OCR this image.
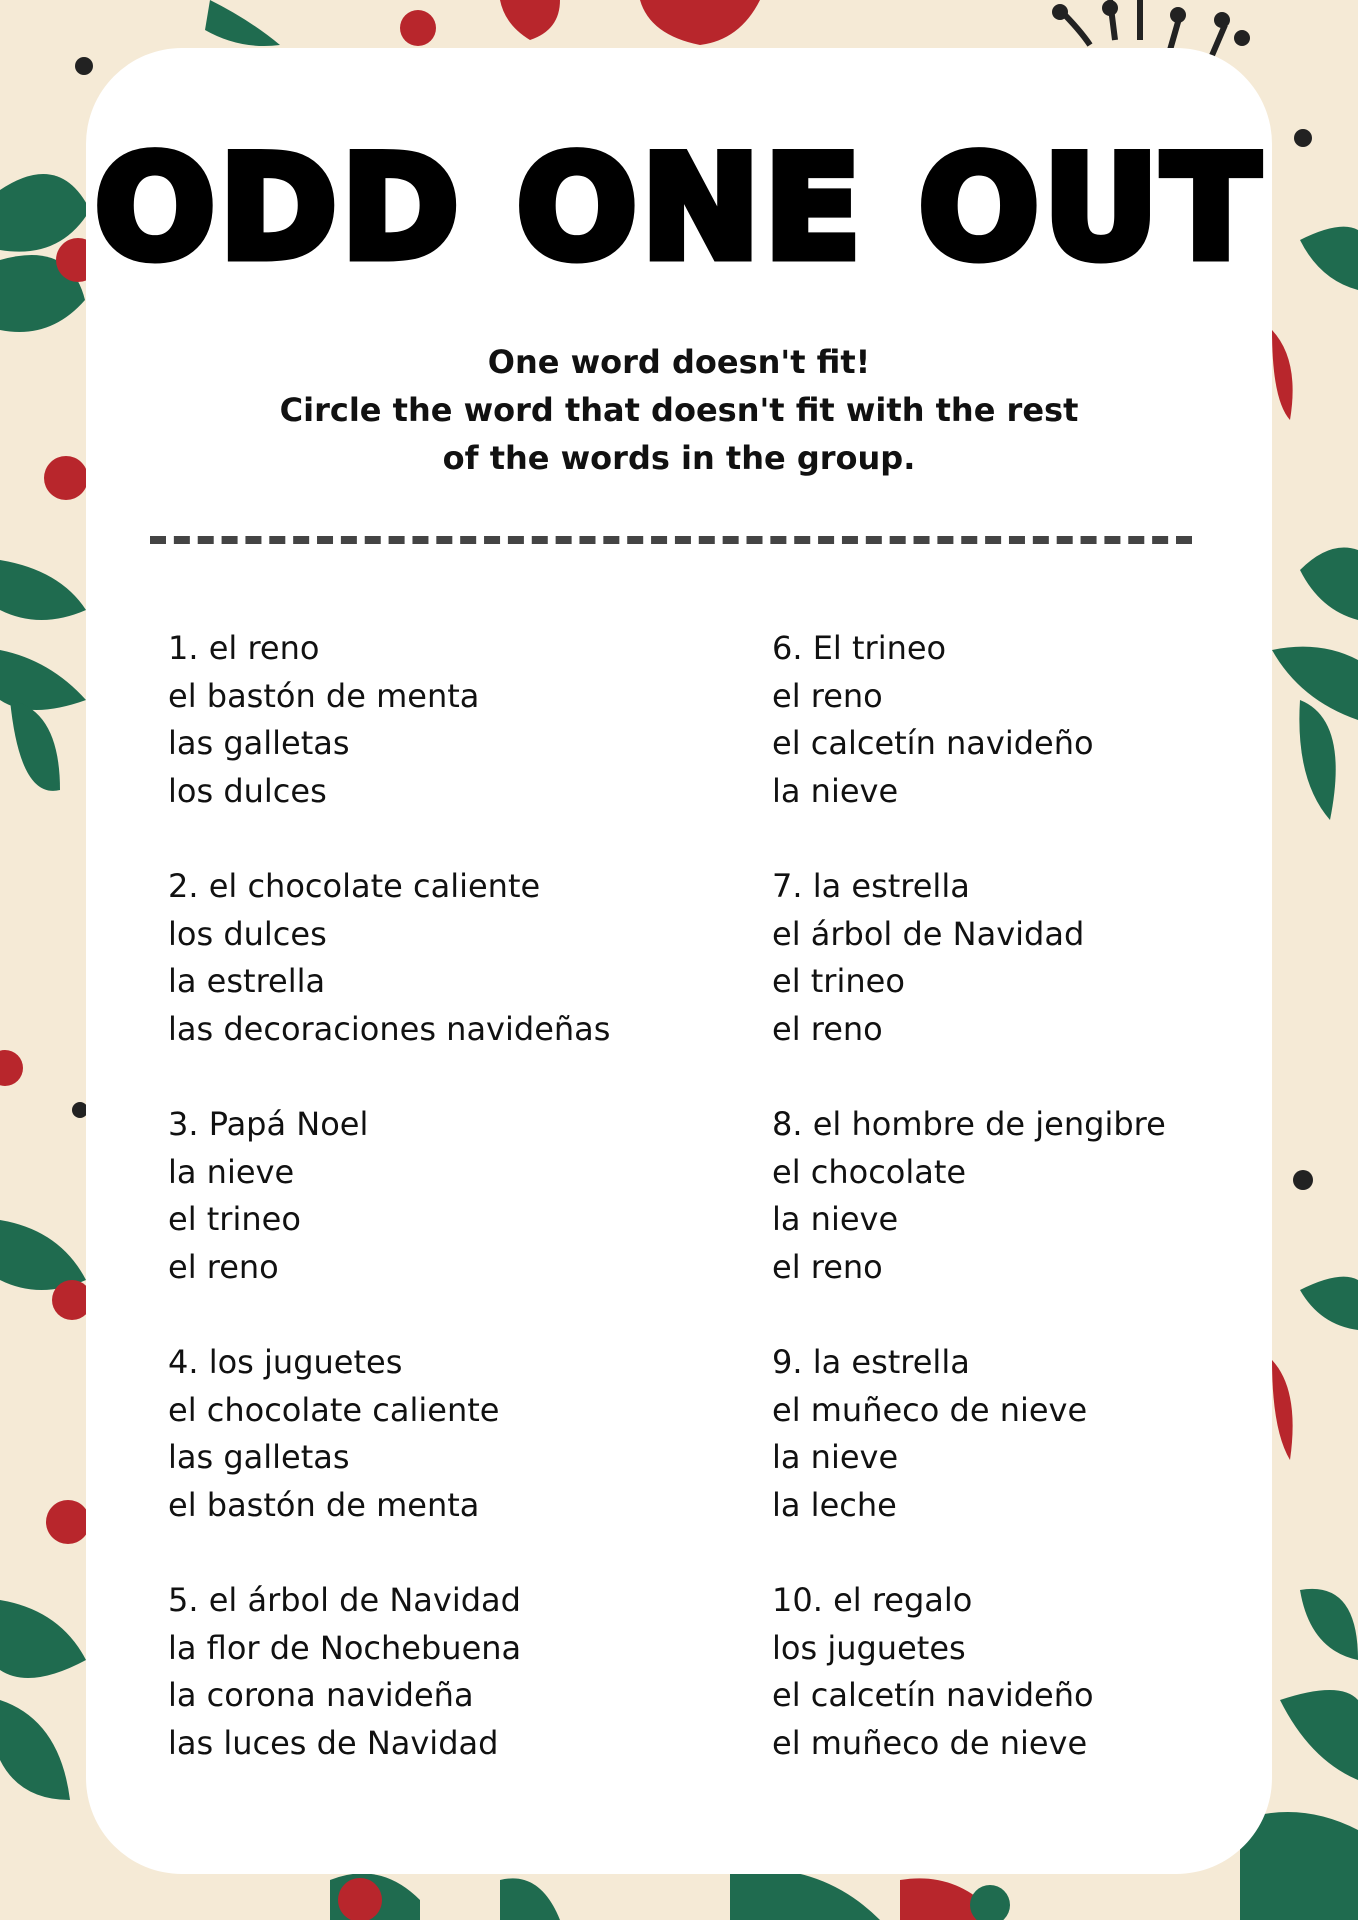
ODD ONE OUT
One word doesn't fit!
Circle the word that doesn't fit with the rest
of the words in the group.
1. el reno
el bastón de menta
las galletas
los dulces
2. el chocolate caliente
los dulces
la estrella
las decoraciones navideñas
3. Papá Noel
la nieve
el trineo
el reno
4. los juguetes
el chocolate caliente
las galletas
el bastón de menta
5. el árbol de Navidad
la flor de Nochebuena
la corona navideña
las luces de Navidad
6. El trineo
el reno
el calcetín navideño
la nieve
7. la estrella
el árbol de Navidad
el trineo
el reno
8. el hombre de jengibre
el chocolate
la nieve
el reno
9. la estrella
el muñeco de nieve
la nieve
la leche
10. el regalo
los juguetes
el calcetín navideño
el muñeco de nieve
